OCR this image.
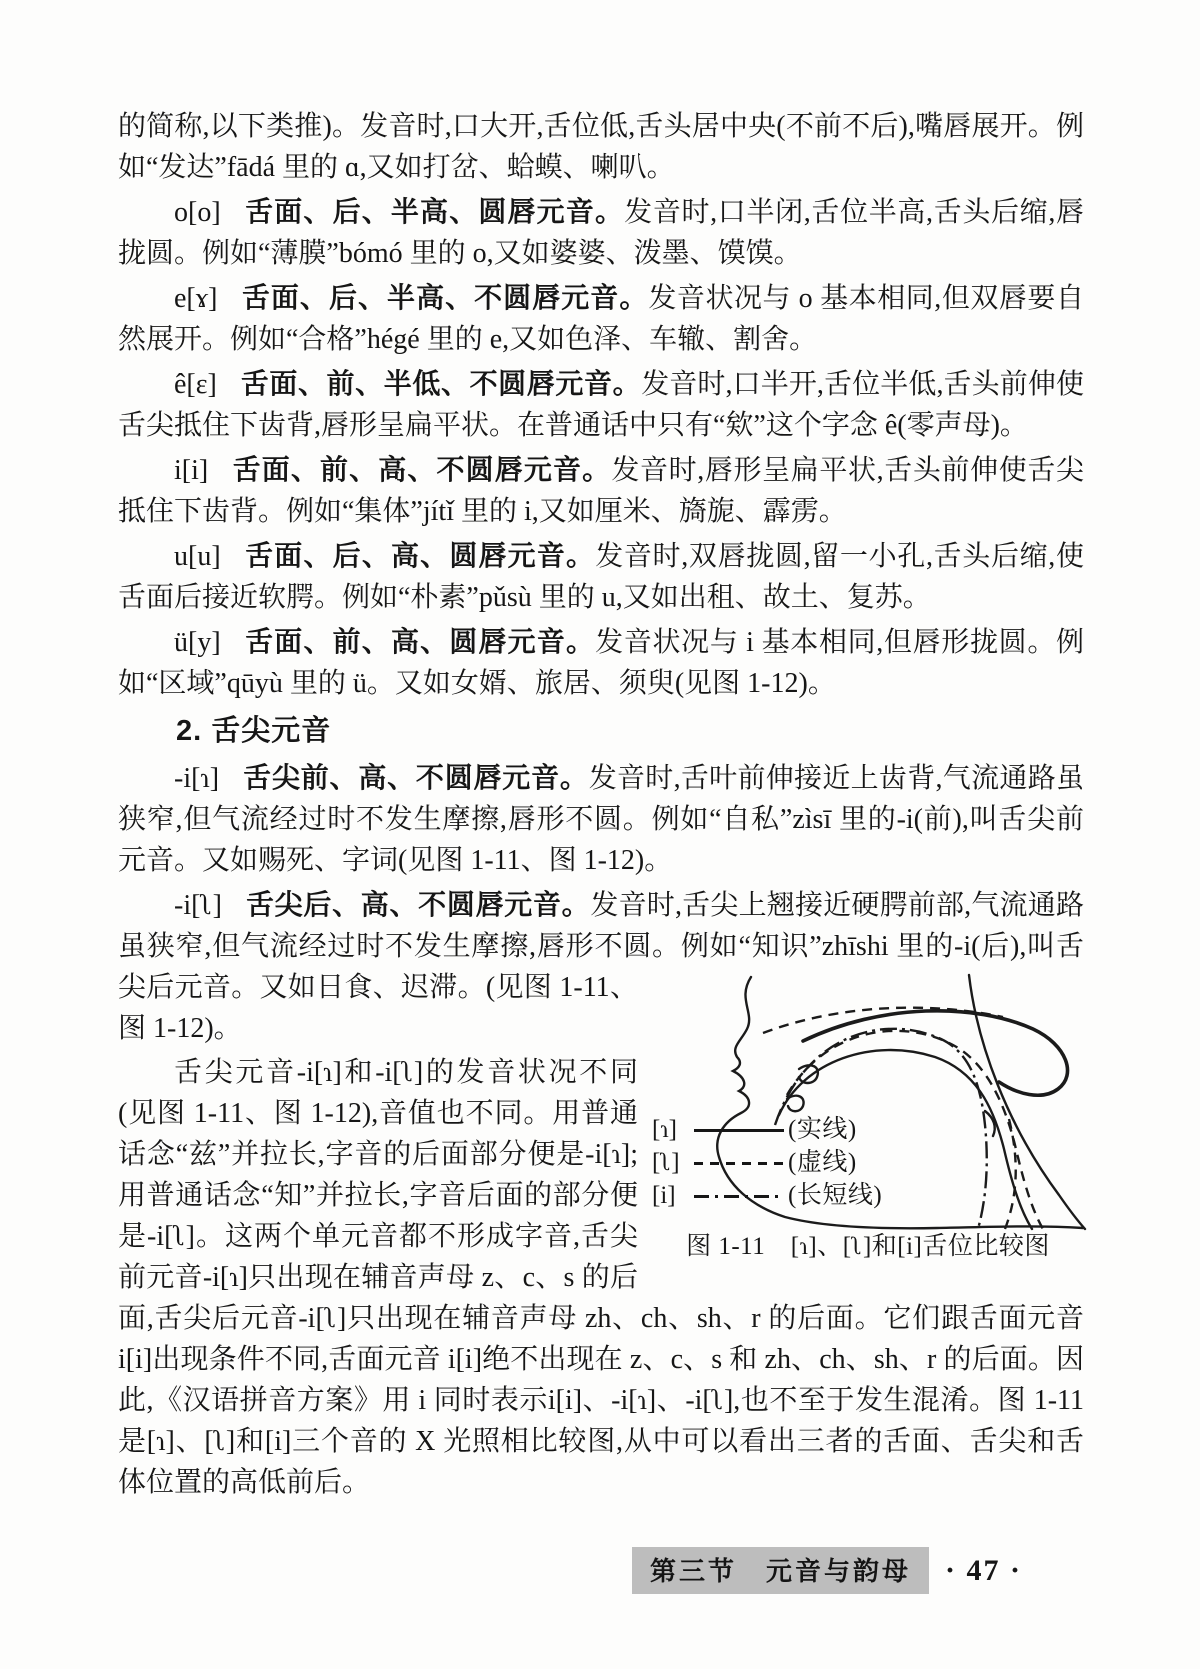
的简称,以下类推)。发音时,口大开,舌位低,舌头居中央(不前不后),嘴唇展开。例如“发达”fādá 里的 ɑ,又如打岔、蛤蟆、喇叭。

o[o] 舌面、后、半高、圆唇元音。发音时,口半闭,舌位半高,舌头后缩,唇拢圆。例如“薄膜”bómó 里的 o,又如婆婆、泼墨、馍馍。

e[ɤ] 舌面、后、半高、不圆唇元音。发音状况与 o 基本相同,但双唇要自然展开。例如“合格”hégé 里的 e,又如色泽、车辙、割舍。

ê[ε] 舌面、前、半低、不圆唇元音。发音时,口半开,舌位半低,舌头前伸使舌尖抵住下齿背,唇形呈扁平状。在普通话中只有“欸”这个字念 ê(零声母)。

i[i] 舌面、前、高、不圆唇元音。发音时,唇形呈扁平状,舌头前伸使舌尖抵住下齿背。例如“集体”jítǐ 里的 i,又如厘米、旖旎、霹雳。

u[u] 舌面、后、高、圆唇元音。发音时,双唇拢圆,留一小孔,舌头后缩,使舌面后接近软腭。例如“朴素”pǔsù 里的 u,又如出租、故土、复苏。

ü[y] 舌面、前、高、圆唇元音。发音状况与 i 基本相同,但唇形拢圆。例如“区域”qūyù 里的 ü。又如女婿、旅居、须臾(见图 1-12)。

2. 舌尖元音

-i[ɿ] 舌尖前、高、不圆唇元音。发音时,舌叶前伸接近上齿背,气流通路虽狭窄,但气流经过时不发生摩擦,唇形不圆。例如“自私”zìsī 里的-i(前),叫舌尖前元音。又如赐死、字词(见图 1-11、图 1-12)。

-i[ʅ] 舌尖后、高、不圆唇元音。发音时,舌尖上翘接近硬腭前部,气流通路虽狭窄,但气流经过时不发生摩擦,唇形不圆。例如“知识”zhīshi 里的-i
[ɿ]	(实线)
[ʅ]	(虚线)
[i]	(长短线)
图 1-11　[ɿ]、[ʅ]和[i]舌位比较图
(后),叫舌尖后元音。又如日食、迟滞。(见图 1-11、图 1-12)。

舌尖元音-i[ɿ]和-i[ʅ]的发音状况不同(见图 1-11、图 1-12),音值也不同。用普通话念“兹”并拉长,字音的后面部分便是-i[ɿ];用普通话念“知”并拉长,字音后面的部分便是-i[ʅ]。这两个单元音都不形成字音,舌尖前元音-i[ɿ]只出现在辅音声母 z、c、s 的后面,舌尖后元音-i[ʅ]只出现在辅音声母 zh、ch、sh、r 的后面。它们跟舌面元音 i[i]出现条件不同,舌面元音 i[i]绝不出现在 z、c、s 和 zh、ch、sh、r 的后面。因此,《汉语拼音方案》用 i 同时表示i[i]、-i[ɿ]、-i[ʅ],也不至于发生混淆。图 1-11 是[ɿ]、[ʅ]和[i]三个音的 X 光照相比较图,从中可以看出三者的舌面、舌尖和舌体位置的高低前后。

第三节　元音与韵母	· 47 ·
